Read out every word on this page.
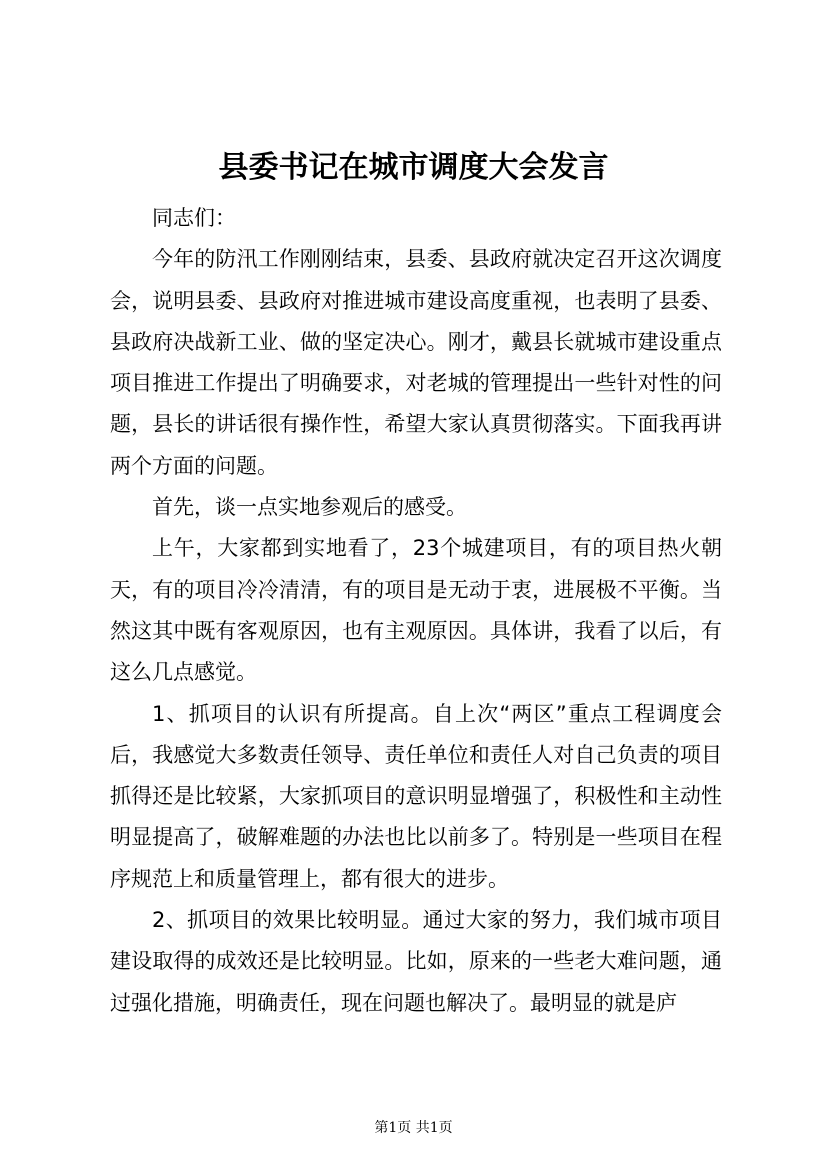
县委书记在城市调度大会发言

同志们：

今年的防汛工作刚刚结束，县委、县政府就决定召开这次调度会，说明县委、县政府对推进城市建设高度重视，也表明了县委、县政府决战新工业、做的坚定决心。刚才，戴县长就城市建设重点项目推进工作提出了明确要求，对老城的管理提出一些针对性的问题，县长的讲话很有操作性，希望大家认真贯彻落实。下面我再讲两个方面的问题。

首先，谈一点实地参观后的感受。

上午，大家都到实地看了，23个城建项目，有的项目热火朝天，有的项目冷冷清清，有的项目是无动于衷，进展极不平衡。当然这其中既有客观原因，也有主观原因。具体讲，我看了以后，有这么几点感觉。

1、抓项目的认识有所提高。自上次“两区”重点工程调度会后，我感觉大多数责任领导、责任单位和责任人对自己负责的项目抓得还是比较紧，大家抓项目的意识明显增强了，积极性和主动性明显提高了，破解难题的办法也比以前多了。特别是一些项目在程序规范上和质量管理上，都有很大的进步。

2、抓项目的效果比较明显。通过大家的努力，我们城市项目建设取得的成效还是比较明显。比如，原来的一些老大难问题，通过强化措施，明确责任，现在问题也解决了。最明显的就是庐

第1页 共1页
